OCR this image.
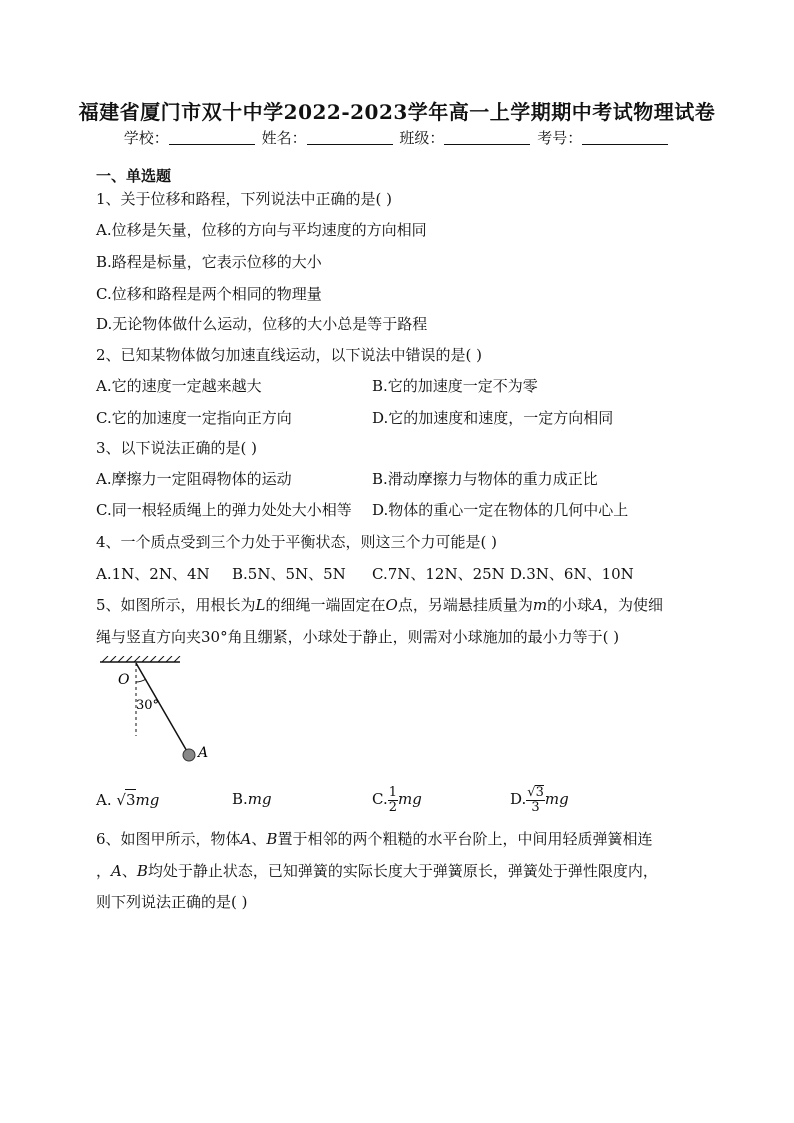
福建省厦门市双十中学2022-2023学年高一上学期期中考试物理试卷
学校：	姓名：	班级：	考号：
一、单选题
1、关于位移和路程，下列说法中正确的是( )
A.位移是矢量，位移的方向与平均速度的方向相同
B.路程是标量，它表示位移的大小
C.位移和路程是两个相同的物理量
D.无论物体做什么运动，位移的大小总是等于路程
2、已知某物体做匀加速直线运动，以下说法中错误的是( )
A.它的速度一定越来越大	B.它的加速度一定不为零
C.它的加速度一定指向正方向	D.它的加速度和速度，一定方向相同
3、以下说法正确的是( )
A.摩擦力一定阻碍物体的运动	B.滑动摩擦力与物体的重力成正比
C.同一根轻质绳上的弹力处处大小相等 D.物体的重心一定在物体的几何中心上
4、一个质点受到三个力处于平衡状态，则这三个力可能是( )
A.1N、2N、4N B.5N、5N、5N C.7N、12N、25N D.3N、6N、10N
5、如图所示，用根长为L的细绳一端固定在O点，另端悬挂质量为m的小球A，为使细
绳与竖直方向夹30°角且绷紧，小球处于静止，则需对小球施加的最小力等于( )
O
30°
A
A. √3mg	B.mg	C. $\frac{1}{2}$ mg	D. $\frac{√3}{3}$ mg
6、如图甲所示，物体A、B置于相邻的两个粗糙的水平台阶上，中间用轻质弹簧相连
，A、B均处于静止状态，已知弹簧的实际长度大于弹簧原长，弹簧处于弹性限度内，
则下列说法正确的是( )
